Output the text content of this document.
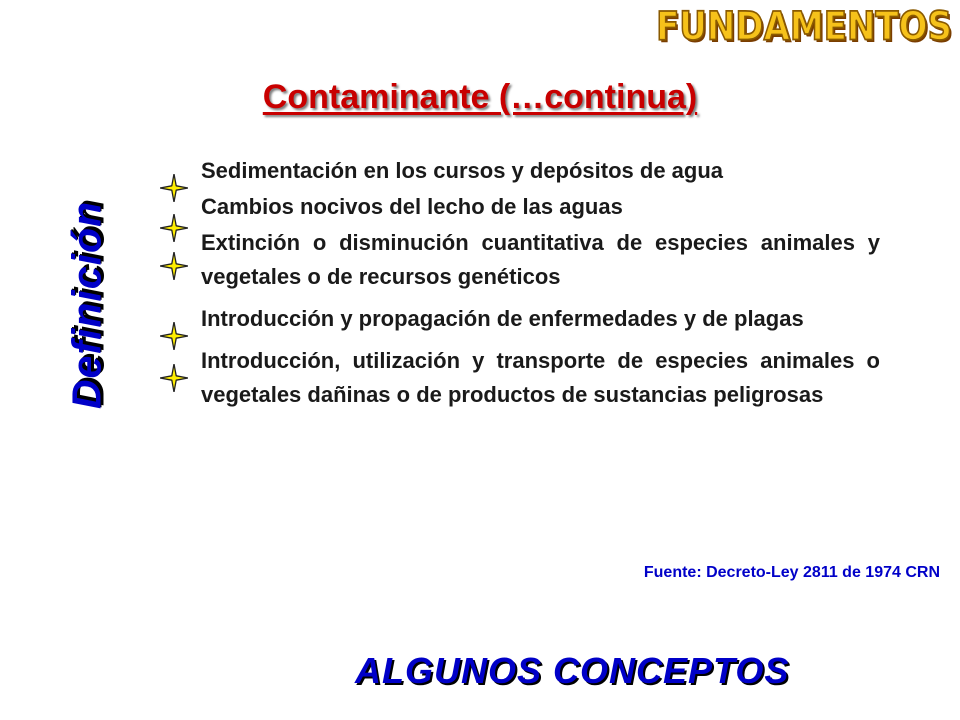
FUNDAMENTOS
Contaminante (…continua)
Definición
Sedimentación en los cursos y depósitos de agua
Cambios nocivos del lecho de las aguas
Extinción o disminución cuantitativa de especies animales y vegetales o de recursos genéticos
Introducción y propagación de enfermedades y de plagas
Introducción, utilización y transporte de especies animales o vegetales dañinas o de productos de sustancias peligrosas
Fuente: Decreto-Ley 2811 de 1974 CRN
ALGUNOS CONCEPTOS
